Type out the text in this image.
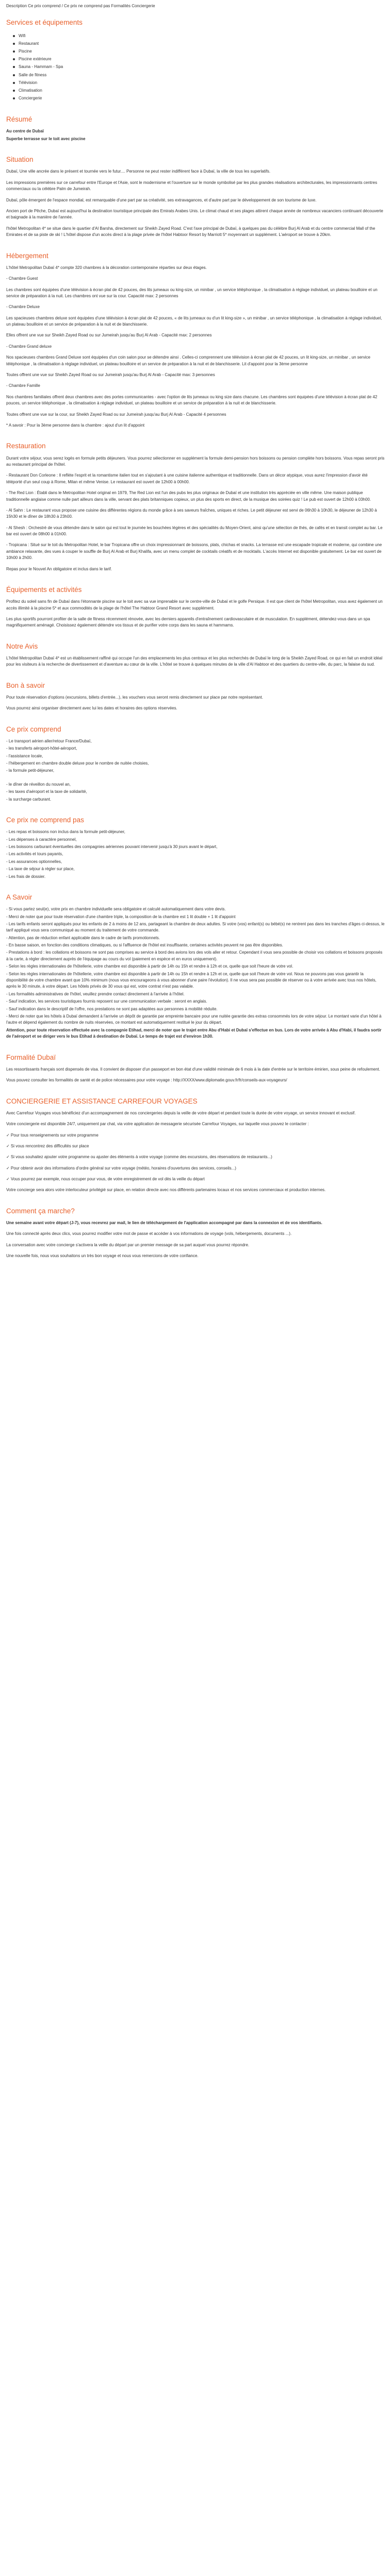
Description Ce prix comprend / Ce prix ne comprend pas Formalités Conciergerie
Services et équipements
Wifi
Restaurant
Piscine
Piscine extérieure
Sauna - Hammam - Spa
Salle de fitness
Télévision
Climatisation
Conciergerie
Résumé

Au centre de Dubaï

Superbe terrasse sur le toit avec piscine

Situation

Dubaï, Une ville ancrée dans le présent et tournée vers le futur.... Personne ne peut rester indifférent face à Dubaï, la ville de tous les superlatifs.

Les impressions premières sur ce carrefour entre l'Europe et l'Asie, sont le modernisme et l'ouverture sur le monde symbolisé par les plus grandes réalisations architecturales, les impressionnants centres commerciaux ou la célèbre Palm de Jumeirah.

Dubaï, pôle émergent de l'espace mondial, est remarquable d'une part par sa créativité, ses extravagances, et d'autre part par le développement de son tourisme de luxe.

Ancien port de Pêche, Dubaï est aujourd'hui la destination touristique principale des Emirats Arabes Unis. Le climat chaud et ses plages attirent chaque année de nombreux vacanciers continuant découverte et baignade à la manière de l'année.

l'hôtel Metropolitan 4* se situe dans le quartier d'Al Barsha, directement sur Sheikh Zayed Road. C'est l'axe principal de Dubaï, à quelques pas du célèbre Burj Al Arab et du centre commercial Mall of the Emirates et de sa piste de ski ! L'hôtel dispose d'un accès direct à la plage privée de l'hôtel Habtoor Resort by Marriott 5* moyennant un supplément. L'aéroport se trouve à 20km.

Hébergement

L'hôtel Metropolitan Dubaï 4* compte 320 chambres à la décoration contemporaine réparties sur deux étages.

- Chambre Guest

Les chambres sont équipées d'une télévision à écran plat de 42 pouces, des lits jumeaux ou king-size, un minibar , un service téléphonique , la climatisation à réglage individuel, un plateau bouilloire et un service de préparation à la nuit. Les chambres ont vue sur la cour. Capacité max: 2 personnes

- Chambre Deluxe

Les spacieuses chambres deluxe sont équipées d'une télévision à écran plat de 42 pouces, « de lits jumeaux ou d'un lit king-size », un minibar , un service téléphonique , la climatisation à réglage individuel, un plateau bouilloire et un service de préparation à la nuit et de blanchisserie.

Elles offrent une vue sur Sheikh Zayed Road ou sur Jumeirah jusqu'au Burj Al Arab - Capacité max: 2 personnes

- Chambre Grand deluxe

Nos spacieuses chambres Grand Deluxe sont équipées d'un coin salon pour se détendre ainsi . Celles-ci comprennent une télévision à écran plat de 42 pouces, un lit king-size, un minibar , un service téléphonique , la climatisation à réglage individuel, un plateau bouilloire et un service de préparation à la nuit et de blanchisserie. Lit d'appoint pour la 3ème personne

Toutes offrent une vue sur Sheikh Zayed Road ou sur Jumeirah jusqu'au Burj Al Arab - Capacité max: 3 personnes

- Chambre Famille

Nos chambres familiales offrent deux chambres avec des portes communicantes - avec l'option de lits jumeaux ou king size dans chacune. Les chambres sont équipées d'une télévision à écran plat de 42 pouces, un service téléphonique , la climatisation à réglage individuel, un plateau bouilloire et un service de préparation à la nuit et de blanchisserie.

Toutes offrent une vue sur la cour, sur Sheikh Zayed Road ou sur Jumeirah jusqu'au Burj Al Arab - Capacité 4 personnes

* A savoir : Pour la 3ème personne dans la chambre : ajout d'un lit d'appoint

Restauration

Durant votre séjour, vous serez logés en formule petits déjeuners. Vous pourrez sélectionner en supplément la formule demi-pension hors boissons ou pension complète hors boissons. Vous repas seront pris au restaurant principal de l'hôtel.

- Restaurant Don Corleone : Il reflète l'esprit et la romantisme italien tout en s'ajoutant à une cuisine italienne authentique et traditionnelle. Dans un décor atypique, vous aurez l'impression d'avoir été téléporté d'un seul coup à Rome, Milan et même Venise. Le restaurant est ouvert de 12h00 à 00h00.

- The Red Lion : Établi dans le Metropolitan Hotel original en 1979, The Red Lion est l'un des pubs les plus originaux de Dubaï et une institution très appréciée en ville même. Une maison publique traditionnelle anglaise comme nulle part ailleurs dans la ville, servant des plats britanniques copieux, un plus des sports en direct, de la musique des soirées quiz ! Le pub est ouvert de 12h00 à 03h00.

- Al Sahn : Le restaurant vous propose une cuisine des différentes régions du monde grâce à ses saveurs fraîches, uniques et riches. Le petit déjeuner est servi de 06h30 à 10h30, le déjeuner de 12h30 à 15h30 et le dîner de 18h30 à 23h00.

- Al Shesh : Orchestré de vous détendre dans le salon qui est tout le journée les bouchées légères et des spécialités du Moyen-Orient, ainsi qu'une sélection de thés, de cafés et en transit complet au bar. Le bar est ouvert de 08h00 à 01h00.

- Tropicana : Situé sur le toit du Metropolitan Hotel, le bar Tropicana offre un choix impressionnant de boissons, plats, chichas et snacks. La terrasse est une escapade tropicale et moderne, qui combine une ambiance relaxante, des vues à couper le souffle de Burj Al Arab et Burj Khalifa, avec un menu complet de cocktails créatifs et de mocktails. L'accès Internet est disponible gratuitement. Le bar est ouvert de 10h00 à 2h00.

Repas pour le Nouvel An obligatoire et inclus dans le tarif.

Équipements et activités

Profitez du soleil sans fin de Dubaï dans l'étonnante piscine sur le toit avec sa vue imprenable sur le centre-ville de Dubaï et le golfe Persique. Il est que client de l'hôtel Metropolitan, vous avez également un accès illimité à la piscine 5* et aux commodités de la plage de l'hôtel The Habtoor Grand Resort avec supplément.

Les plus sportifs pourront profiter de la salle de fitness récemment rénovée, avec les derniers appareils d'entraînement cardiovasculaire et de musculation. En supplément, détendez-vous dans un spa magnifiquement aménagé. Choisissez également détendre vos tissus et de purifier votre corps dans les sauna et hammams.

Notre Avis

L'hôtel Metropolitan Dubaï 4* est un établissement raffiné qui occupe l'un des emplacements les plus centraux et les plus recherchés de Dubaï le long de la Sheikh Zayed Road, ce qui en fait un endroit idéal pour les visiteurs à la recherche de divertissement et d'aventure au cœur de la ville. L'hôtel se trouve à quelques minutes de la ville d'Al Habtoor et des quartiers du centre-ville, du parc, la falaise du sud.

Bon à savoir

Pour toute réservation d'options (excursions, billets d'entrée...), les vouchers vous seront remis directement sur place par notre représentant.

Vous pourrez ainsi organiser directement avec lui les dates et horaires des options réservées.

Ce prix comprend

- Le transport aérien aller/retour France/Dubaï,

- les transferts aéroport-hôtel-aéroport,

- l'assistance locale,

- l'hébergement en chambre double deluxe pour le nombre de nuitée choisies,

- la formule petit-déjeuner,

- le dîner de réveillon du nouvel an,

- les taxes d'aéroport et la taxe de solidarité,

- la surcharge carburant.

Ce prix ne comprend pas

- Les repas et boissons non inclus dans la formule petit-déjeuner,

- Les dépenses à caractère personnel,

- Les boissons carburant éventuelles des compagnies aériennes pouvant intervenir jusqu'à 30 jours avant le départ,

- Les activités et tours payants,

- Les assurances optionnelles,

- La taxe de séjour à régler sur place,

- Les frais de dossier.

A Savoir

- Si vous partez seul(e), votre prix en chambre individuelle sera obligatoire et calculé automatiquement dans votre devis.

- Merci de noter que pour toute réservation d'une chambre triple, la composition de la chambre est 1 lit double + 1 lit d'appoint

- Les tarifs enfants seront appliqués pour les enfants de 2 à moins de 12 ans, partageant la chambre de deux adultes. Si votre (vos) enfant(s) ou bébé(s) ne rentrent pas dans les tranches d'âges ci-dessus, le tarif appliqué vous sera communiqué au moment du traitement de votre commande.

- Attention, pas de réduction enfant applicable dans le cadre de tarifs promotionnels.

- En basse saison, en fonction des conditions climatiques, ou si l'affluence de l'hôtel est insuffisante, certaines activités peuvent ne pas être disponibles.

- Prestations à bord : les collations et boissons ne sont pas comprises au service à bord des avions lors des vols aller et retour. Cependant il vous sera possible de choisir vos collations et boissons proposés à la carte, à régler directement auprès de l'équipage au cours du vol (paiement en espèce et en euros uniquement).

- Selon les règles internationales de l'hôtellerie, votre chambre est disponible à partir de 14h ou 15h et rendre à 12h et ce, quelle que soit l'heure de votre vol.

- Selon les règles internationales de l'hôtellerie, votre chambre est disponible à partir de 14h ou 15h et rendre à 12h et ce, quelle que soit l'heure de votre vol. Nous ne pouvons pas vous garantir la disponibilité de votre chambre avant que 10% minimum (nous vous encourageons à vous abonner d'une paire l'évolution). Il ne vous sera pas possible de réserver ou à votre arrivée avec tous nos hôtels, après le 30 minute, à votre départ. Les hôtels privés de 30 vous qui est, votre contrat n'est pas valable.

- Les formalités administratives de l'hôtel, veuillez prendre contact directement à l'arrivée à l'hôtel.

- Sauf indication, les services touristiques fournis reposent sur une communication verbale : seront en anglais.

- Sauf indication dans le descriptif de l'offre, nos prestations ne sont pas adaptées aux personnes à mobilité réduite.

- Merci de noter que les hôtels à Dubaï demandent à l'arrivée un dépôt de garantie par empreinte bancaire pour une nuitée garantie des extras consommés lors de votre séjour. Le montant varie d'un hôtel à l'autre et dépend également du nombre de nuits réservées, ce montant est automatiquement restitué le jour du départ.

Attention, pour toute réservation effectuée avec la compagnie Etihad, merci de noter que le trajet entre Abu d'Habi et Dubaï s'effectue en bus. Lors de votre arrivée à Abu d'Habi, il faudra sortir de l'aéroport et se diriger vers le bus Etihad à destination de Dubaï. Le temps de trajet est d'environ 1h30.

Formalité Dubaï

Les ressortissants français sont dispensés de visa. Il convient de disposer d'un passeport en bon état d'une validité minimale de 6 mois à la date d'entrée sur le territoire émirien, sous peine de refoulement.

Vous pouvez consulter les formalités de santé et de police nécessaires pour votre voyage : http://XXXX/www.diplomatie.gouv.fr/fr/conseils-aux-voyageurs/

CONCIERGERIE ET ASSISTANCE CARREFOUR VOYAGES

Avec Carrefour Voyages vous bénéficiez d'un accompagnement de nos conciergeries depuis la veille de votre départ et pendant toute la durée de votre voyage, un service innovant et exclusif.

Votre conciergerie est disponible 24/7, uniquement par chat, via votre application de messagerie sécurisée Carrefour Voyages, sur laquelle vous pouvez le contacter :

✓ Pour tous renseignements sur votre programme

✓ Si vous rencontrez des difficultés sur place

✓ Si vous souhaitez ajouter votre programme ou ajuster des éléments à votre voyage (comme des excursions, des réservations de restaurants...)

✓ Pour obtenir avoir des informations d'ordre général sur votre voyage (météo, horaires d'ouvertures des services, conseils...)

✓ Vous pourrez par exemple, nous occuper pour vous, de votre enregistrement de vol dès la veille du départ

Votre concierge sera alors votre interlocuteur privilégié sur place, en relation directe avec nos différents partenaires locaux et nos services commerciaux et production internes.

Comment ça marche?

Une semaine avant votre départ (J-7), vous recevrez par mail, le lien de téléchargement de l'application accompagné par dans la connexion et de vos identifiants.

Une fois connecté après deux clics, vous pourrez modifier votre mot de passe et accéder à vos informations de voyage (vols, hébergements, documents ...).

La conversation avec votre concierge s'activera la veille du départ par un premier message de sa part auquel vous pourrez répondre.

Une nouvelle fois, nous vous souhaitons un très bon voyage et nous vous remercions de votre confiance.
